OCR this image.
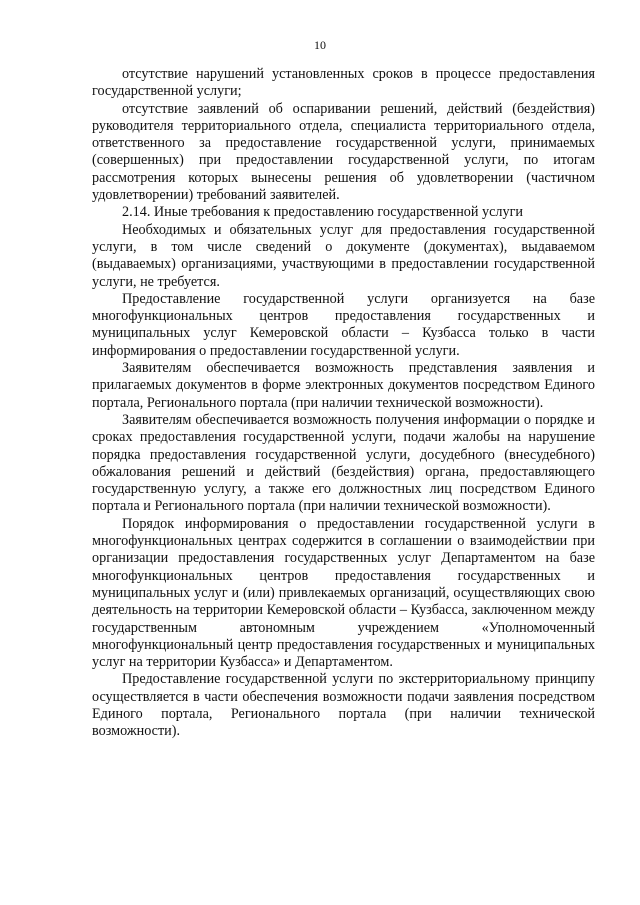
10

отсутствие нарушений установленных сроков в процессе предоставления государственной услуги;

отсутствие заявлений об оспаривании решений, действий (бездействия) руководителя территориального отдела, специалиста территориального отдела, ответственного за предоставление государственной услуги, принимаемых (совершенных) при предоставлении государственной услуги, по итогам рассмотрения которых вынесены решения об удовлетворении (частичном удовлетворении) требований заявителей.

2.14. Иные требования к предоставлению государственной услуги

Необходимых и обязательных услуг для предоставления государственной услуги, в том числе сведений о документе (документах), выдаваемом (выдаваемых) организациями, участвующими в предоставлении государственной услуги, не требуется.

Предоставление государственной услуги организуется на базе многофункциональных центров предоставления государственных и муниципальных услуг Кемеровской области – Кузбасса только в части информирования о предоставлении государственной услуги.

Заявителям обеспечивается возможность представления заявления и прилагаемых документов в форме электронных документов посредством Единого портала, Регионального портала (при наличии технической возможности).

Заявителям обеспечивается возможность получения информации о порядке и сроках предоставления государственной услуги, подачи жалобы на нарушение порядка предоставления государственной услуги, досудебного (внесудебного) обжалования решений и действий (бездействия) органа, предоставляющего государственную услугу, а также его должностных лиц посредством Единого портала и Регионального портала (при наличии технической возможности).

Порядок информирования о предоставлении государственной услуги в многофункциональных центрах содержится в соглашении о взаимодействии при организации предоставления государственных услуг Департаментом на базе многофункциональных центров предоставления государственных и муниципальных услуг и (или) привлекаемых организаций, осуществляющих свою деятельность на территории Кемеровской области – Кузбасса, заключенном между государственным автономным учреждением «Уполномоченный многофункциональный центр предоставления государственных и муниципальных услуг на территории Кузбасса» и Департаментом.

Предоставление государственной услуги по экстерриториальному принципу осуществляется в части обеспечения возможности подачи заявления посредством Единого портала, Регионального портала (при наличии технической возможности).
